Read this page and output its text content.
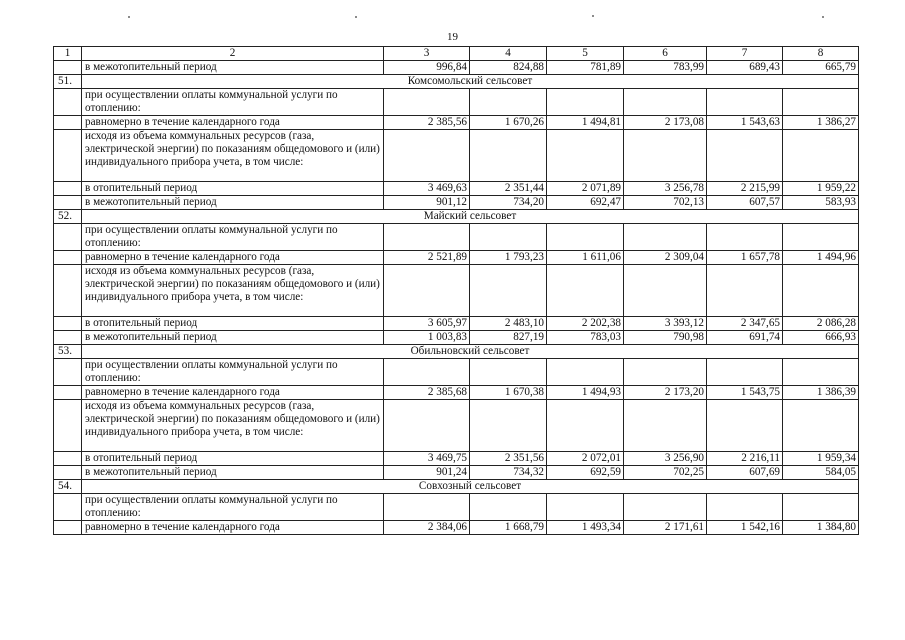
19
1	2	3	4	5	6	7	8
	в межотопительный период	996,84	824,88	781,89	783,99	689,43	665,79
51.	Комсомольский сельсовет						
	при осуществлении оплаты коммунальной услуги по отоплению:						
	равномерно в течение календарного года	2 385,56	1 670,26	1 494,81	2 173,08	1 543,63	1 386,27
	исходя из объема коммунальных ресурсов (газа, электрической энергии) по показаниям общедомового и (или) индивидуального прибора учета, в том числе:						
	в отопительный период	3 469,63	2 351,44	2 071,89	3 256,78	2 215,99	1 959,22
	в межотопительный период	901,12	734,20	692,47	702,13	607,57	583,93
52.	Майский сельсовет						
	при осуществлении оплаты коммунальной услуги по отоплению:						
	равномерно в течение календарного года	2 521,89	1 793,23	1 611,06	2 309,04	1 657,78	1 494,96
	исходя из объема коммунальных ресурсов (газа, электрической энергии) по показаниям общедомового и (или) индивидуального прибора учета, в том числе:						
	в отопительный период	3 605,97	2 483,10	2 202,38	3 393,12	2 347,65	2 086,28
	в межотопительный период	1 003,83	827,19	783,03	790,98	691,74	666,93
53.	Обильновский сельсовет						
	при осуществлении оплаты коммунальной услуги по отоплению:						
	равномерно в течение календарного года	2 385,68	1 670,38	1 494,93	2 173,20	1 543,75	1 386,39
	исходя из объема коммунальных ресурсов (газа, электрической энергии) по показаниям общедомового и (или) индивидуального прибора учета, в том числе:						
	в отопительный период	3 469,75	2 351,56	2 072,01	3 256,90	2 216,11	1 959,34
	в межотопительный период	901,24	734,32	692,59	702,25	607,69	584,05
54.	Совхозный сельсовет						
	при осуществлении оплаты коммунальной услуги по отоплению:						
	равномерно в течение календарного года	2 384,06	1 668,79	1 493,34	2 171,61	1 542,16	1 384,80
